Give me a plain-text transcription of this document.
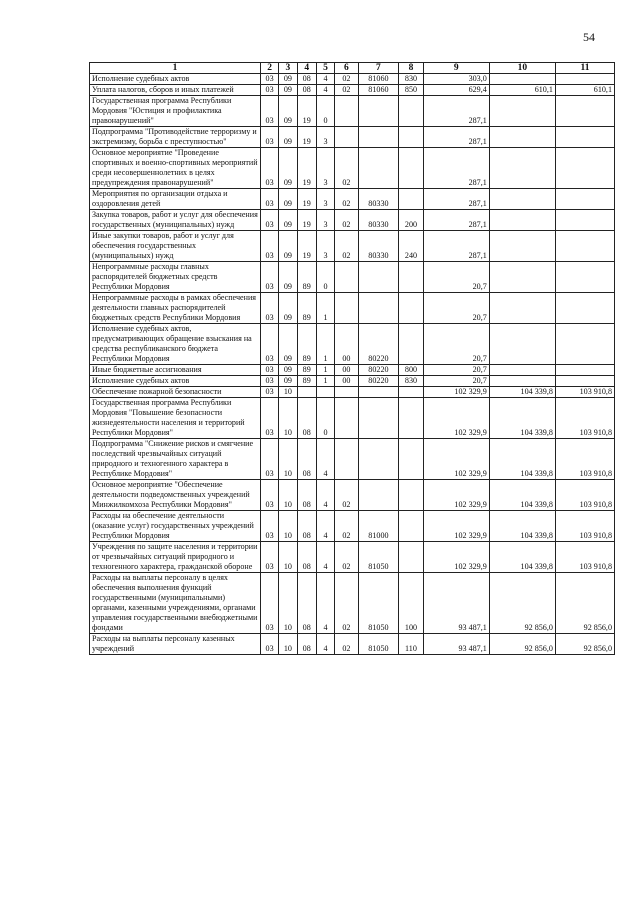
54
1	2	3	4	5	6	7	8	9	10	11
Исполнение судебных актов	03	09	08	4	02	81060	830	303,0		
Уплата налогов, сборов и иных платежей	03	09	08	4	02	81060	850	629,4	610,1	610,1
Государственная программа Республики Мордовия "Юстиция и профилактика правонарушений"	03	09	19	0				287,1		
Подпрограмма "Противодействие терроризму и экстремизму, борьба с преступностью"	03	09	19	3				287,1		
Основное мероприятие "Проведение спортивных и военно-спортивных мероприятий среди несовершеннолетних в целях предупреждения правонарушений"	03	09	19	3	02			287,1		
Мероприятия по организации отдыха и оздоровления детей	03	09	19	3	02	80330		287,1		
Закупка товаров, работ и услуг для обеспечения государственных (муниципальных) нужд	03	09	19	3	02	80330	200	287,1		
Иные закупки товаров, работ и услуг для обеспечения государственных (муниципальных) нужд	03	09	19	3	02	80330	240	287,1		
Непрограммные расходы главных распорядителей бюджетных средств Республики Мордовия	03	09	89	0				20,7		
Непрограммные расходы в рамках обеспечения деятельности главных распорядителей бюджетных средств Республики Мордовия	03	09	89	1				20,7		
Исполнение судебных актов, предусматривающих обращение взыскания на средства республиканского бюджета Республики Мордовия	03	09	89	1	00	80220		20,7		
Иные бюджетные ассигнования	03	09	89	1	00	80220	800	20,7		
Исполнение судебных актов	03	09	89	1	00	80220	830	20,7		
Обеспечение пожарной безопасности	03	10						102 329,9	104 339,8	103 910,8
Государственная программа Республики Мордовия "Повышение безопасности жизнедеятельности населения и территорий Республики Мордовия"	03	10	08	0				102 329,9	104 339,8	103 910,8
Подпрограмма "Снижение рисков и смягчение последствий чрезвычайных ситуаций природного и техногенного характера в Республике Мордовия"	03	10	08	4				102 329,9	104 339,8	103 910,8
Основное мероприятие "Обеспечение деятельности подведомственных учреждений Минжилкомхоза Республики Мордовия"	03	10	08	4	02			102 329,9	104 339,8	103 910,8
Расходы на обеспечение деятельности (оказание услуг) государственных учреждений Республики Мордовия	03	10	08	4	02	81000		102 329,9	104 339,8	103 910,8
Учреждения по защите населения и территории от чрезвычайных ситуаций природного и техногенного характера, гражданской обороне	03	10	08	4	02	81050		102 329,9	104 339,8	103 910,8
Расходы на выплаты персоналу в целях обеспечения выполнения функций государственными (муниципальными) органами, казенными учреждениями, органами управления государственными внебюджетными фондами	03	10	08	4	02	81050	100	93 487,1	92 856,0	92 856,0
Расходы на выплаты персоналу казенных учреждений	03	10	08	4	02	81050	110	93 487,1	92 856,0	92 856,0
